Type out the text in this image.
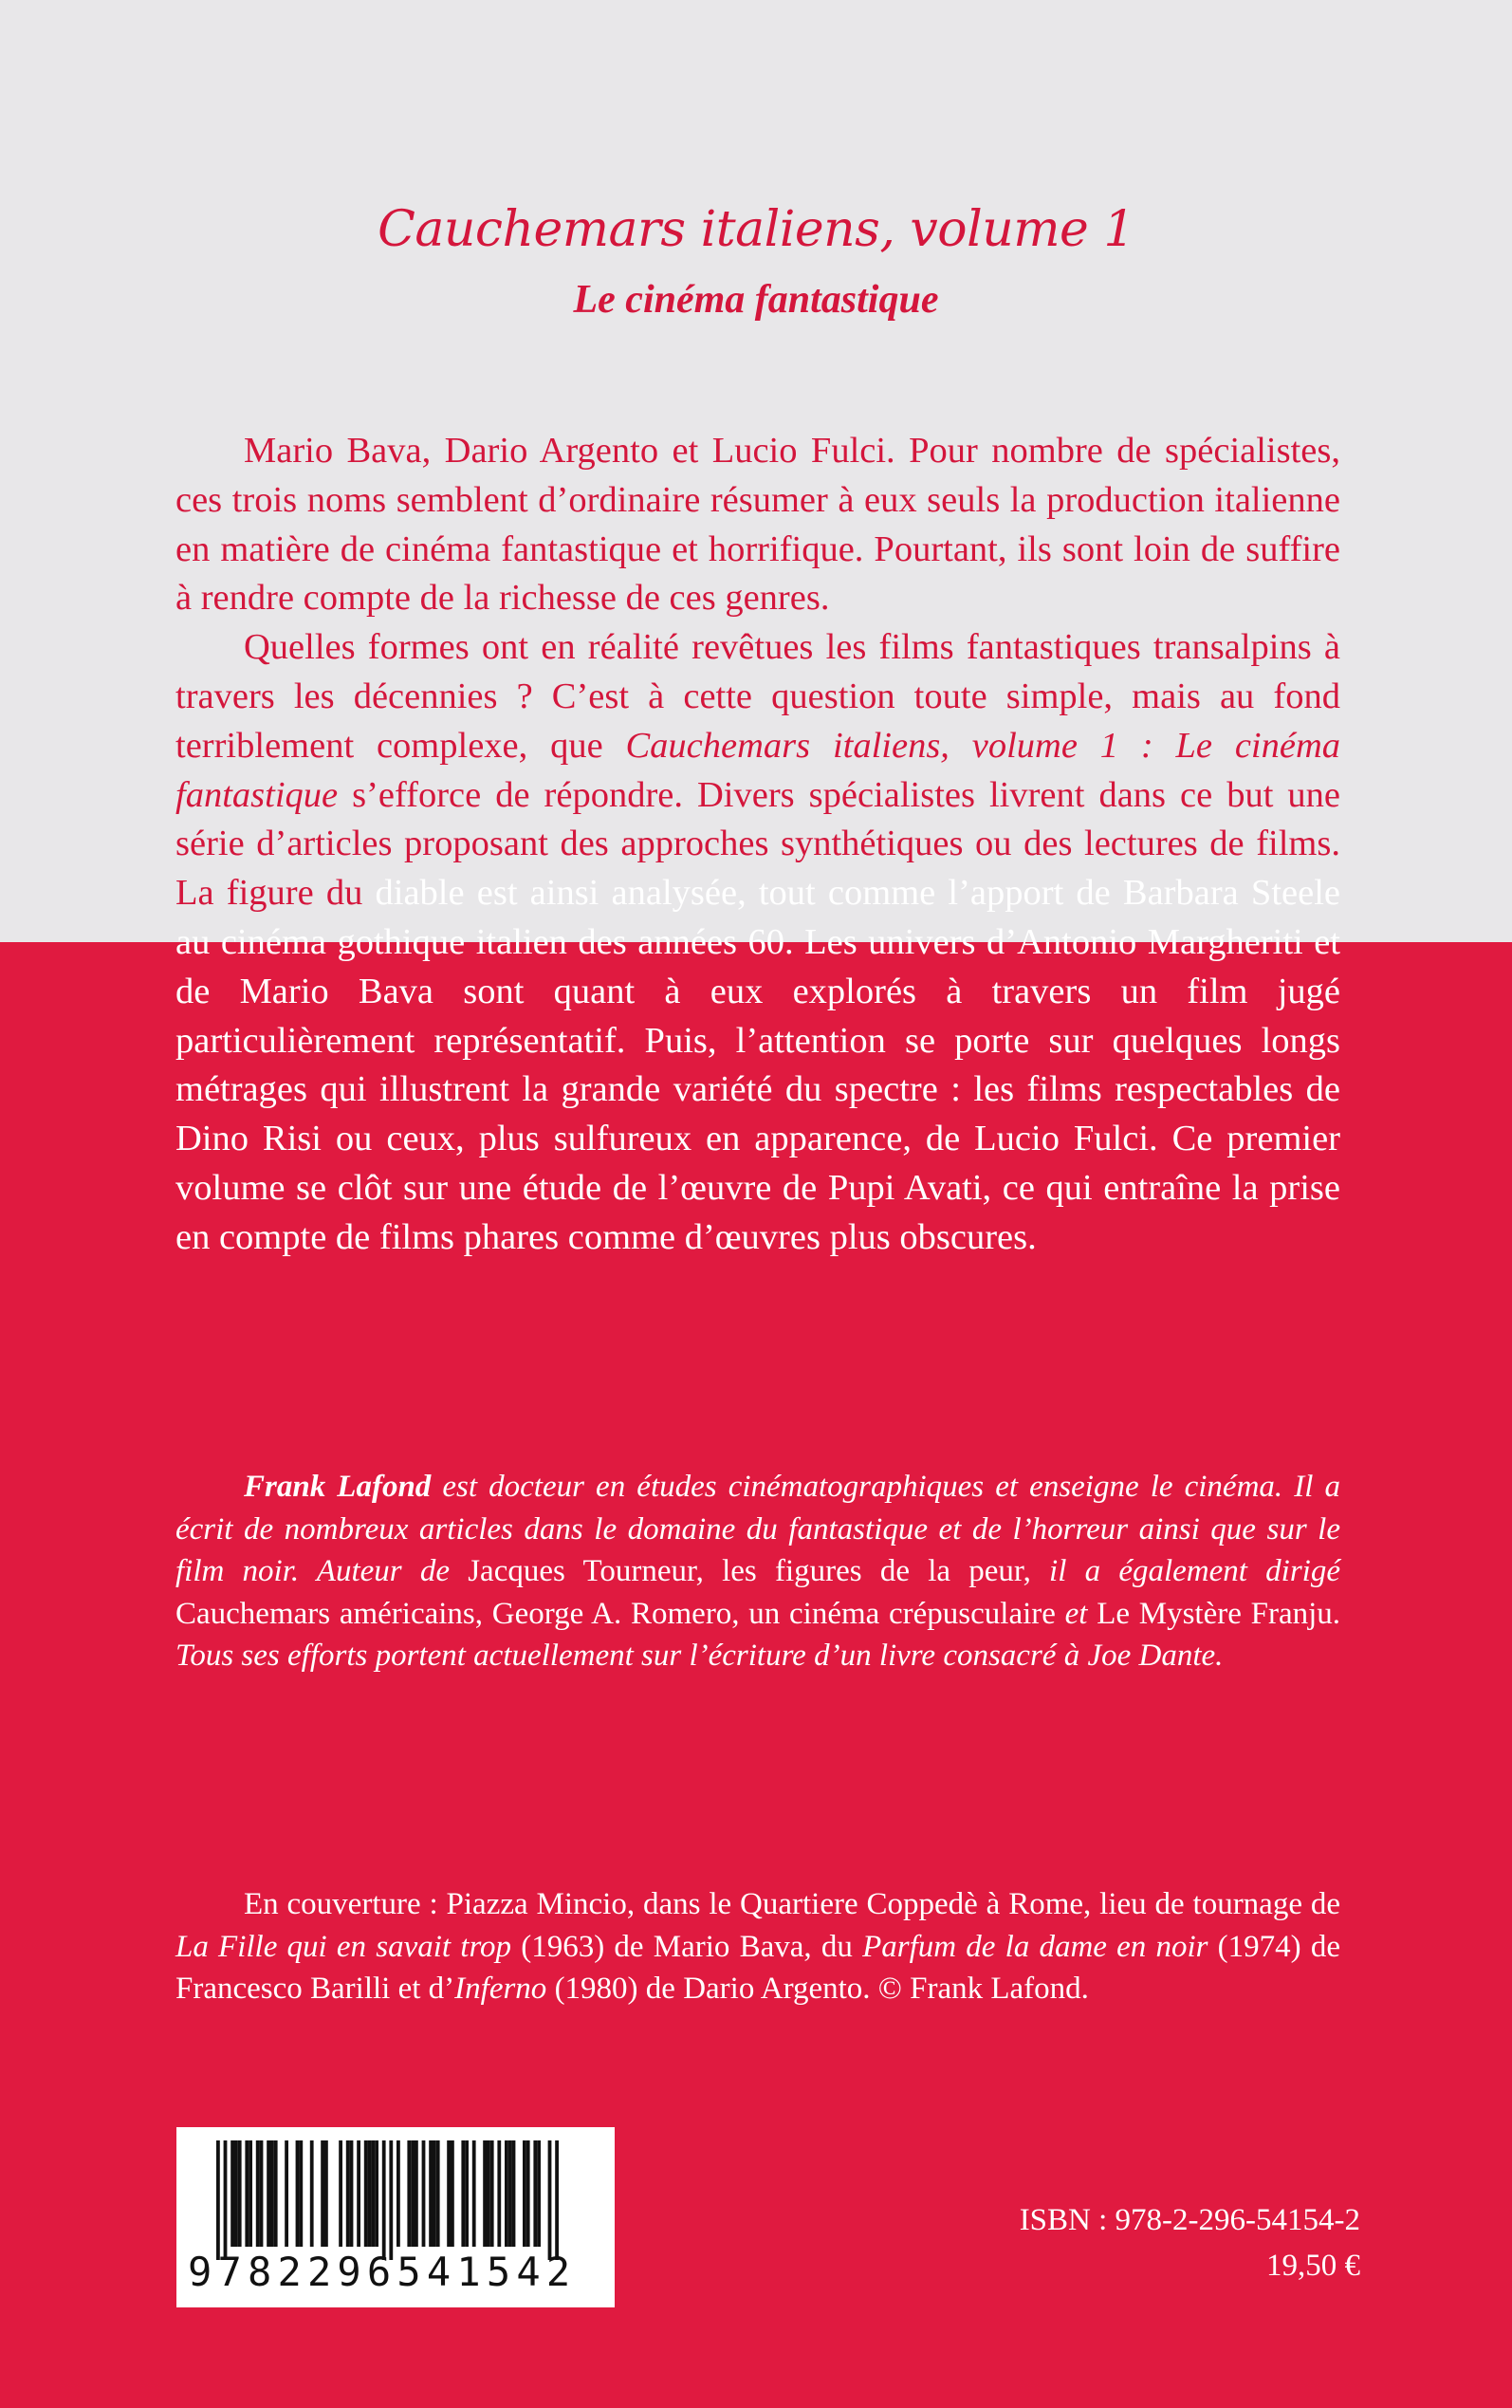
Cauchemars italiens, volume 1
Le cinéma fantastique

Mario Bava, Dario Argento et Lucio Fulci. Pour nombre de spécialistes, ces trois noms semblent d’ordinaire résumer à eux seuls la production italienne en matière de cinéma fantastique et horrifique. Pourtant, ils sont loin de suffire à rendre compte de la richesse de ces genres.

Quelles formes ont en réalité revêtues les films fantastiques transalpins à travers les décennies ? C’est à cette question toute simple, mais au fond terriblement complexe, que Cauchemars italiens, volume 1 : Le cinéma fantastique s’efforce de répondre. Divers spécialistes livrent dans ce but une série d’articles proposant des approches synthétiques ou des lectures de films. La figure du diable est ainsi analysée, tout comme l’apport de Barbara Steele au cinéma gothique italien des années 60. Les univers d’Antonio Margheriti et de Mario Bava sont quant à eux explorés à travers un film jugé particulièrement représentatif. Puis, l’attention se porte sur quelques longs métrages qui illustrent la grande variété du spectre : les films respectables de Dino Risi ou ceux, plus sulfureux en apparence, de Lucio Fulci. Ce premier volume se clôt sur une étude de l’œuvre de Pupi Avati, ce qui entraîne la prise en compte de films phares comme d’œuvres plus obscures.

Frank Lafond est docteur en études cinématographiques et enseigne le cinéma. Il a écrit de nombreux articles dans le domaine du fantastique et de l’horreur ainsi que sur le film noir. Auteur de Jacques Tourneur, les figures de la peur, il a également dirigé Cauchemars américains, George A. Romero, un cinéma crépusculaire et Le Mystère Franju. Tous ses efforts portent actuellement sur l’écriture d’un livre consacré à Joe Dante.

En couverture : Piazza Mincio, dans le Quartiere Coppedè à Rome, lieu de tournage de La Fille qui en savait trop (1963) de Mario Bava, du Parfum de la dame en noir (1974) de Francesco Barilli et d’Inferno (1980) de Dario Argento. © Frank Lafond.

9782296541542
ISBN : 978-2-296-54154-2
19,50 €
